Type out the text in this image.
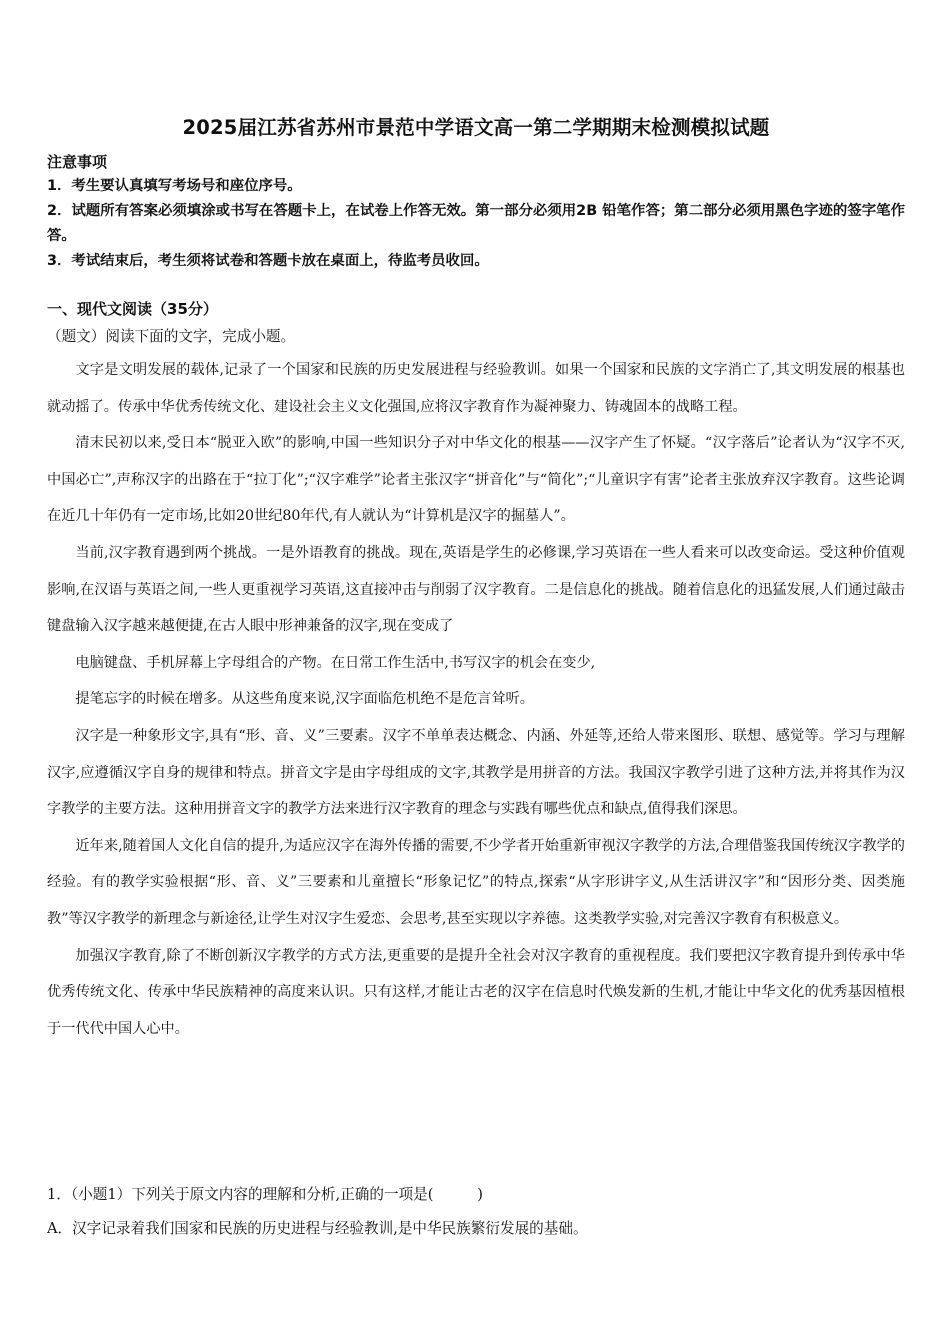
2025届江苏省苏州市景范中学语文高一第二学期期末检测模拟试题
注意事项
1．考生要认真填写考场号和座位序号。
2．试题所有答案必须填涂或书写在答题卡上，在试卷上作答无效。第一部分必须用2B 铅笔作答；第二部分必须用黑色字迹的签字笔作答。
3．考试结束后，考生须将试卷和答题卡放在桌面上，待监考员收回。
一、现代文阅读（35分）
（题文）阅读下面的文字，完成小题。

文字是文明发展的载体,记录了一个国家和民族的历史发展进程与经验教训。如果一个国家和民族的文字消亡了,其文明发展的根基也就动摇了。传承中华优秀传统文化、建设社会主义文化强国,应将汉字教育作为凝神聚力、铸魂固本的战略工程。

清末民初以来,受日本“脱亚入欧”的影响,中国一些知识分子对中华文化的根基——汉字产生了怀疑。“汉字落后”论者认为“汉字不灭,中国必亡”,声称汉字的出路在于“拉丁化”;“汉字难学”论者主张汉字“拼音化”与“简化”;“儿童识字有害”论者主张放弃汉字教育。这些论调在近几十年仍有一定市场,比如20世纪80年代,有人就认为“计算机是汉字的掘墓人”。

当前,汉字教育遇到两个挑战。一是外语教育的挑战。现在,英语是学生的必修课,学习英语在一些人看来可以改变命运。受这种价值观影响,在汉语与英语之间,一些人更重视学习英语,这直接冲击与削弱了汉字教育。二是信息化的挑战。随着信息化的迅猛发展,人们通过敲击键盘输入汉字越来越便捷,在古人眼中形神兼备的汉字,现在变成了

电脑键盘、手机屏幕上字母组合的产物。在日常工作生活中,书写汉字的机会在变少,

提笔忘字的时候在增多。从这些角度来说,汉字面临危机绝不是危言耸听。

汉字是一种象形文字,具有“形、音、义”三要素。汉字不单单表达概念、内涵、外延等,还给人带来图形、联想、感觉等。学习与理解汉字,应遵循汉字自身的规律和特点。拼音文字是由字母组成的文字,其教学是用拼音的方法。我国汉字教学引进了这种方法,并将其作为汉字教学的主要方法。这种用拼音文字的教学方法来进行汉字教育的理念与实践有哪些优点和缺点,值得我们深思。

近年来,随着国人文化自信的提升,为适应汉字在海外传播的需要,不少学者开始重新审视汉字教学的方法,合理借鉴我国传统汉字教学的经验。有的教学实验根据“形、音、义”三要素和儿童擅长“形象记忆”的特点,探索“从字形讲字义,从生活讲汉字”和“因形分类、因类施教”等汉字教学的新理念与新途径,让学生对汉字生爱恋、会思考,甚至实现以字养德。这类教学实验,对完善汉字教育有积极意义。

加强汉字教育,除了不断创新汉字教学的方式方法,更重要的是提升全社会对汉字教育的重视程度。我们要把汉字教育提升到传承中华优秀传统文化、传承中华民族精神的高度来认识。只有这样,才能让古老的汉字在信息时代焕发新的生机,才能让中华文化的优秀基因植根于一代代中国人心中。

1．（小题1）下列关于原文内容的理解和分析,正确的一项是(　　　)
A．汉字记录着我们国家和民族的历史进程与经验教训,是中华民族繁衍发展的基础。
